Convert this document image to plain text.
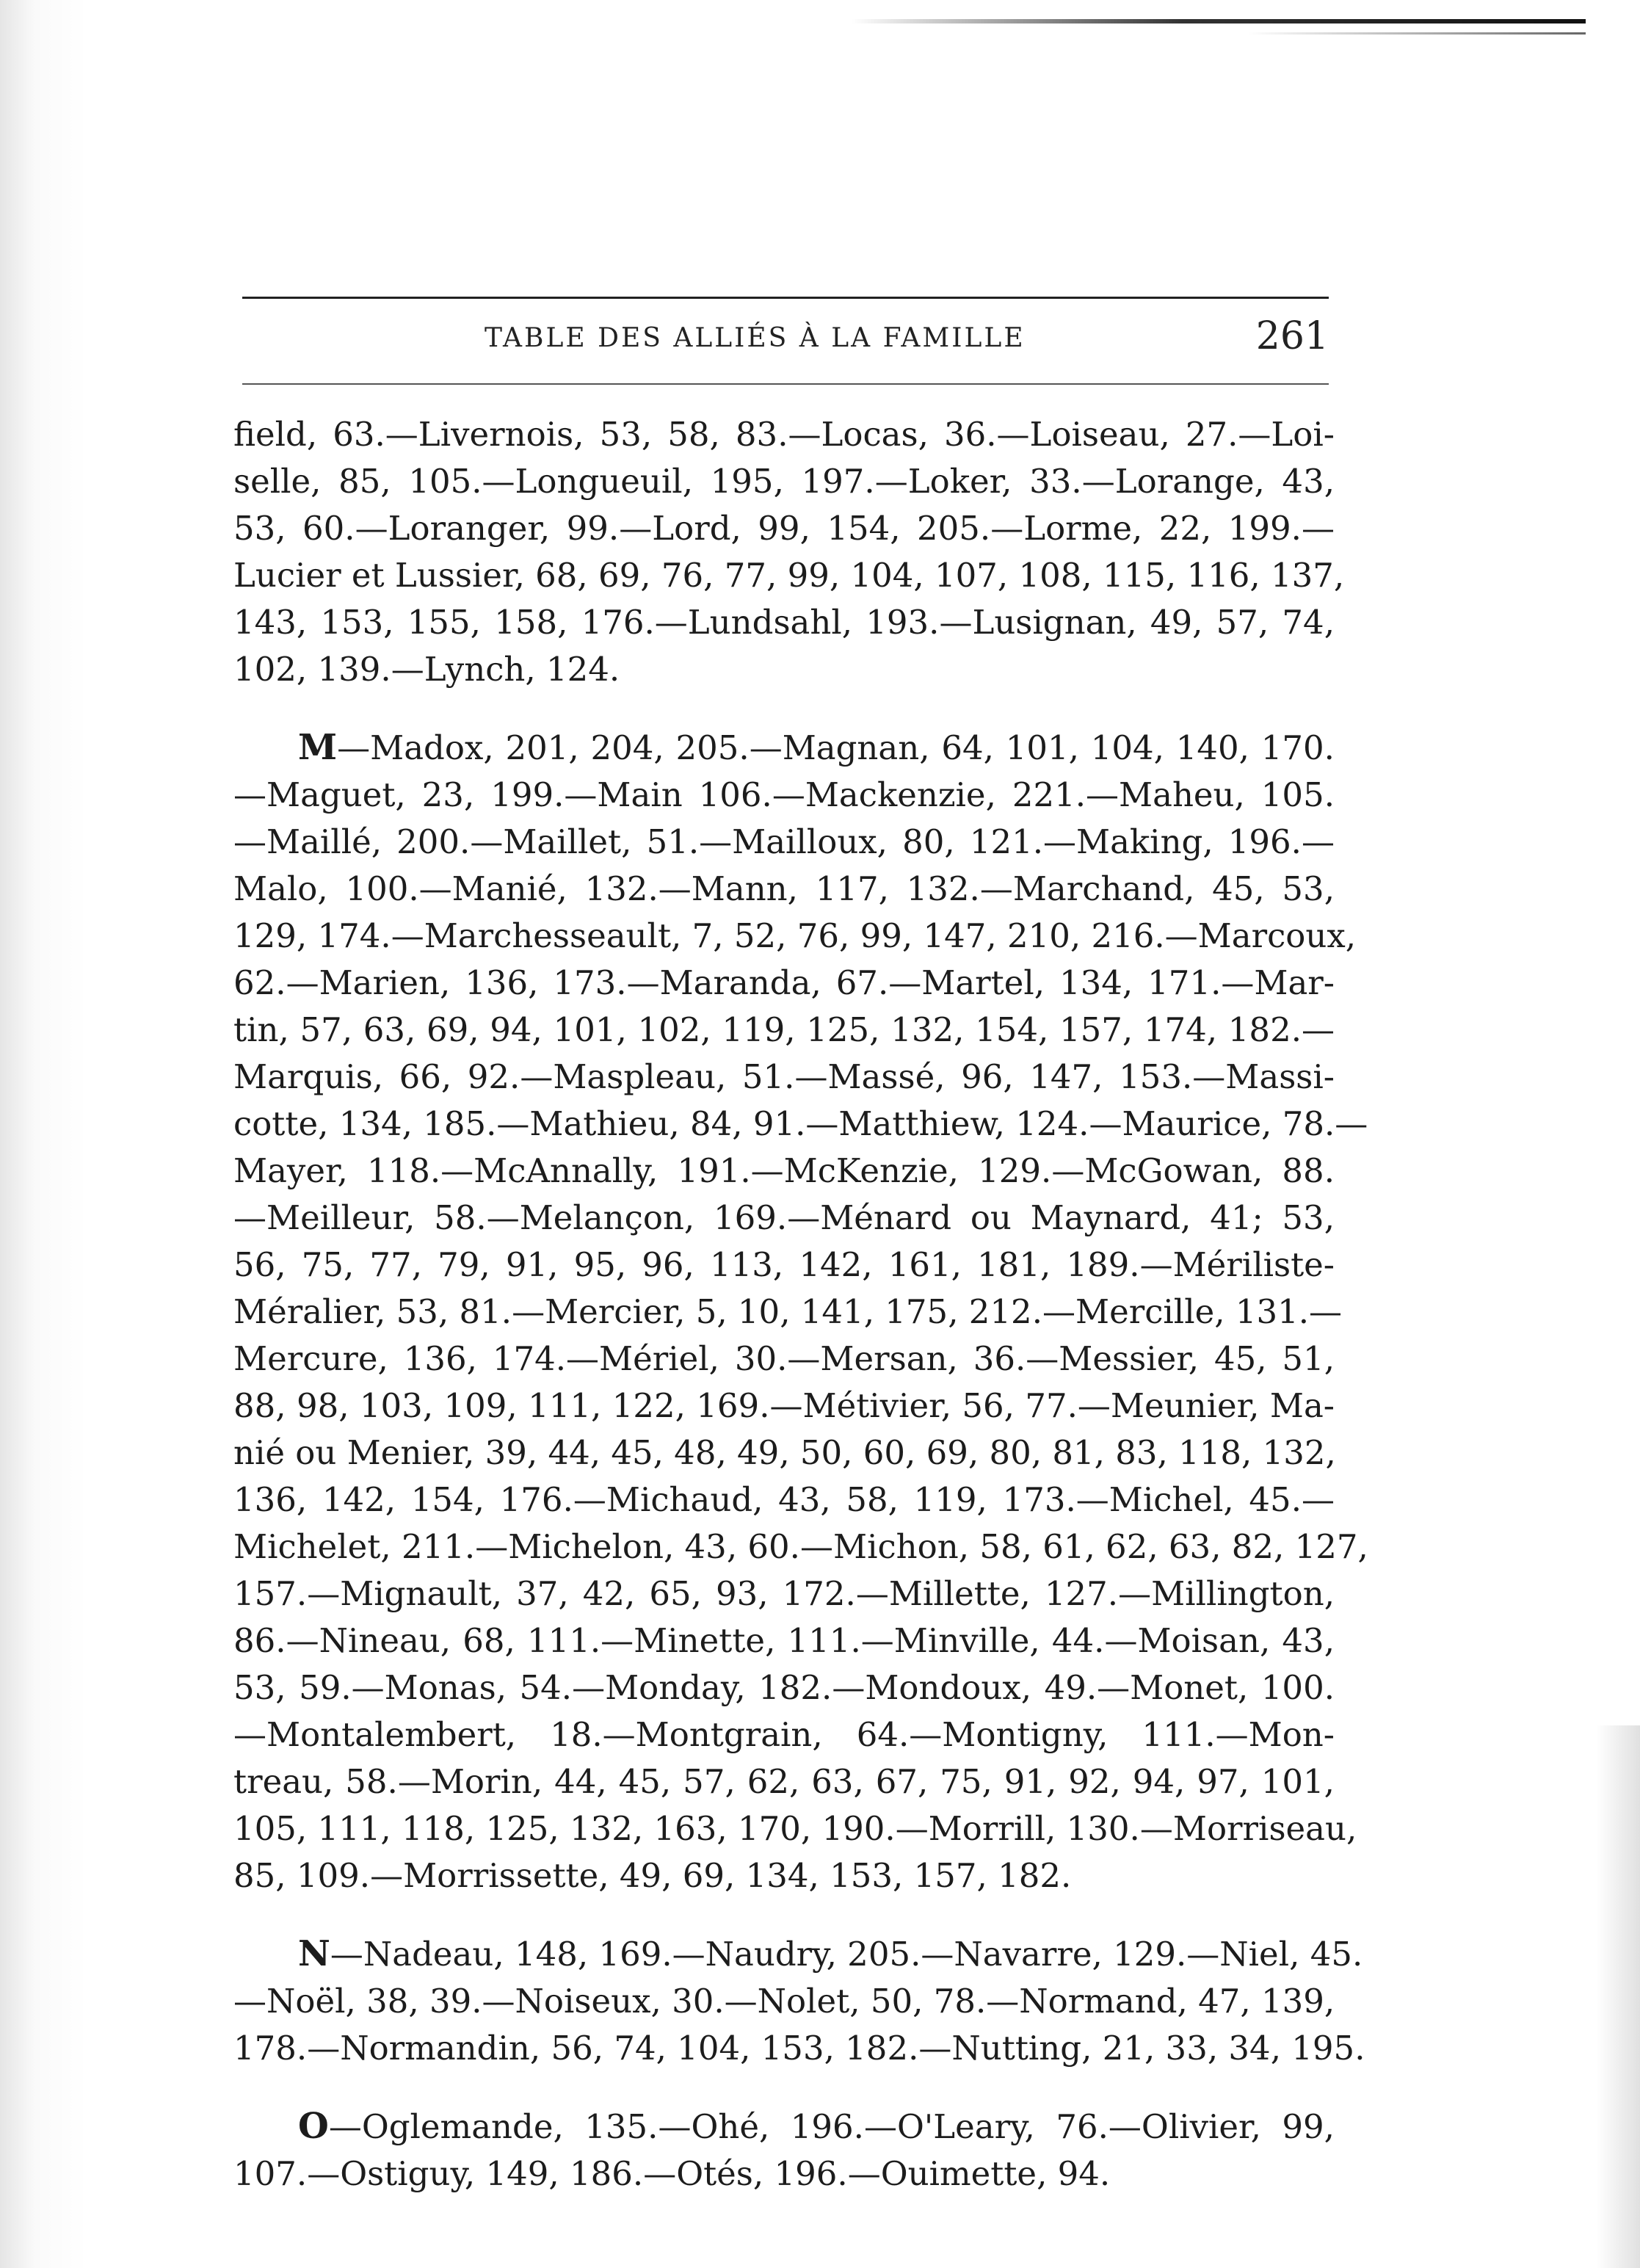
TABLE DES ALLIÉS À LA FAMILLE	261

field, 63.—Livernois, 53, 58, 83.—Locas, 36.—Loiseau, 27.—Loi-
selle, 85, 105.—Longueuil, 195, 197.—Loker, 33.—Lorange, 43,
53, 60.—Loranger, 99.—Lord, 99, 154, 205.—Lorme, 22, 199.—
Lucier et Lussier, 68, 69, 76, 77, 99, 104, 107, 108, 115, 116, 137,
143, 153, 155, 158, 176.—Lundsahl, 193.—Lusignan, 49, 57, 74,
102, 139.—Lynch, 124.

M—Madox, 201, 204, 205.—Magnan, 64, 101, 104, 140, 170.
—Maguet, 23, 199.—Main 106.—Mackenzie, 221.—Maheu, 105.
—Maillé, 200.—Maillet, 51.—Mailloux, 80, 121.—Making, 196.—
Malo, 100.—Manié, 132.—Mann, 117, 132.—Marchand, 45, 53,
129, 174.—Marchesseault, 7, 52, 76, 99, 147, 210, 216.—Marcoux,
62.—Marien, 136, 173.—Maranda, 67.—Martel, 134, 171.—Mar-
tin, 57, 63, 69, 94, 101, 102, 119, 125, 132, 154, 157, 174, 182.—
Marquis, 66, 92.—Maspleau, 51.—Massé, 96, 147, 153.—Massi-
cotte, 134, 185.—Mathieu, 84, 91.—Matthiew, 124.—Maurice, 78.—
Mayer, 118.—McAnnally, 191.—McKenzie, 129.—McGowan, 88.
—Meilleur, 58.—Melançon, 169.—Ménard ou Maynard, 41; 53,
56, 75, 77, 79, 91, 95, 96, 113, 142, 161, 181, 189.—Mériliste-
Méralier, 53, 81.—Mercier, 5, 10, 141, 175, 212.—Mercille, 131.—
Mercure, 136, 174.—Mériel, 30.—Mersan, 36.—Messier, 45, 51,
88, 98, 103, 109, 111, 122, 169.—Métivier, 56, 77.—Meunier, Ma-
nié ou Menier, 39, 44, 45, 48, 49, 50, 60, 69, 80, 81, 83, 118, 132,
136, 142, 154, 176.—Michaud, 43, 58, 119, 173.—Michel, 45.—
Michelet, 211.—Michelon, 43, 60.—Michon, 58, 61, 62, 63, 82, 127,
157.—Mignault, 37, 42, 65, 93, 172.—Millette, 127.—Millington,
86.—Nineau, 68, 111.—Minette, 111.—Minville, 44.—Moisan, 43,
53, 59.—Monas, 54.—Monday, 182.—Mondoux, 49.—Monet, 100.
—Montalembert, 18.—Montgrain, 64.—Montigny, 111.—Mon-
treau, 58.—Morin, 44, 45, 57, 62, 63, 67, 75, 91, 92, 94, 97, 101,
105, 111, 118, 125, 132, 163, 170, 190.—Morrill, 130.—Morriseau,
85, 109.—Morrissette, 49, 69, 134, 153, 157, 182.

N—Nadeau, 148, 169.—Naudry, 205.—Navarre, 129.—Niel, 45.
—Noël, 38, 39.—Noiseux, 30.—Nolet, 50, 78.—Normand, 47, 139,
178.—Normandin, 56, 74, 104, 153, 182.—Nutting, 21, 33, 34, 195.

O—Oglemande, 135.—Ohé, 196.—O'Leary, 76.—Olivier, 99,
107.—Ostiguy, 149, 186.—Otés, 196.—Ouimette, 94.
